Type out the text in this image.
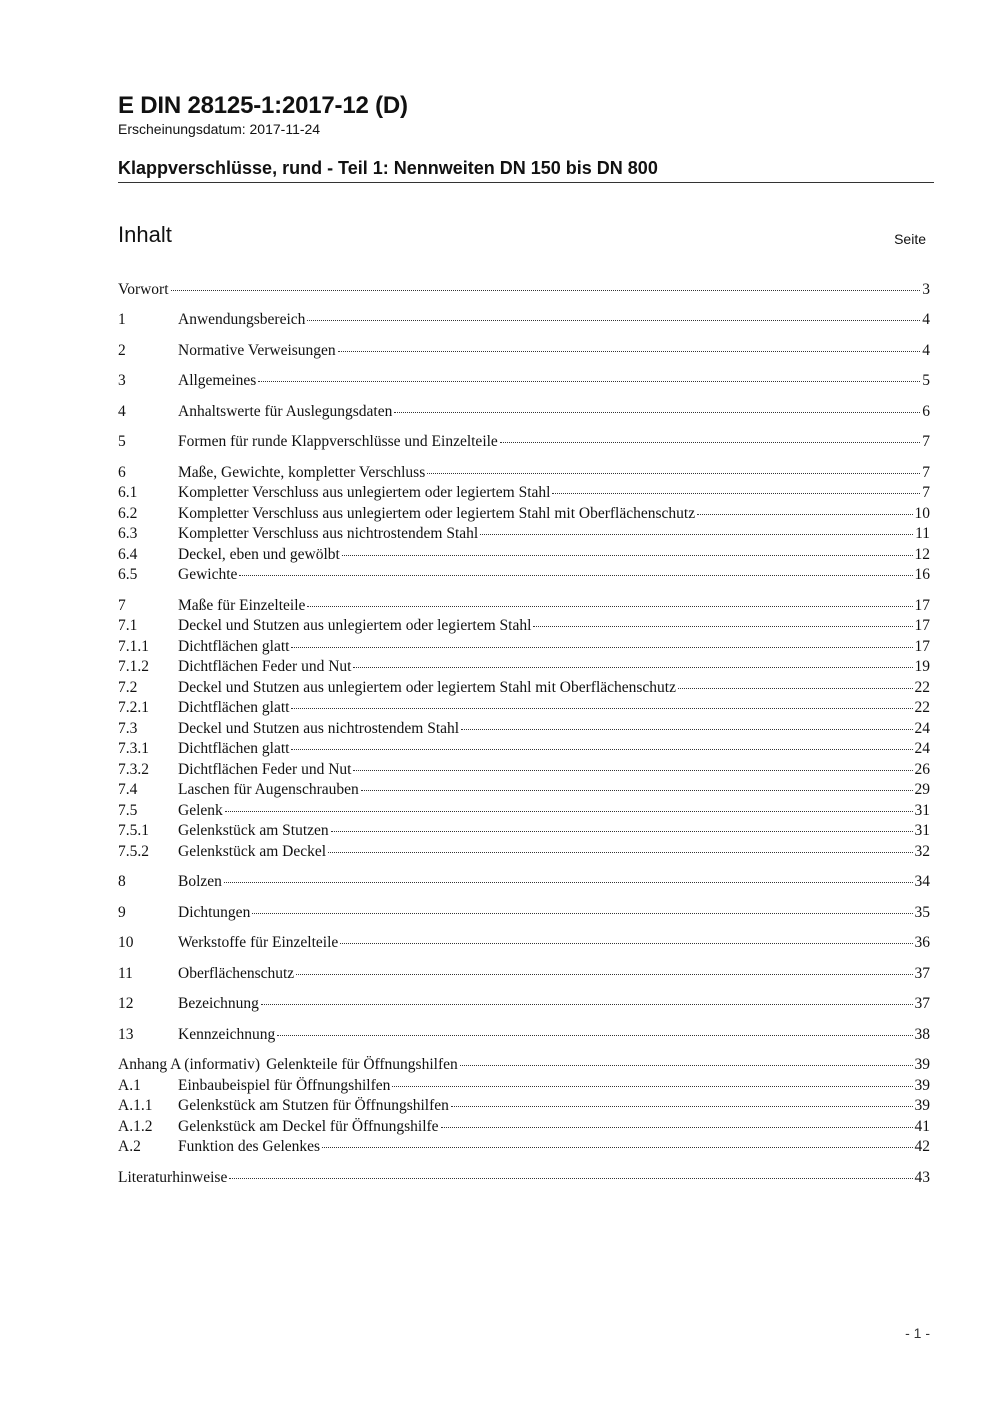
E DIN 28125-1:2017-12 (D)
Erscheinungsdatum: 2017-11-24
Klappverschlüsse, rund - Teil 1: Nennweiten DN 150 bis DN 800
Inhalt	Seite
Vorwort	3
1	Anwendungsbereich	4
2	Normative Verweisungen	4
3	Allgemeines	5
4	Anhaltswerte für Auslegungsdaten	6
5	Formen für runde Klappverschlüsse und Einzelteile	7
6	Maße, Gewichte, kompletter Verschluss	7
6.1	Kompletter Verschluss aus unlegiertem oder legiertem Stahl	7
6.2	Kompletter Verschluss aus unlegiertem oder legiertem Stahl mit Oberflächenschutz	10
6.3	Kompletter Verschluss aus nichtrostendem Stahl	11
6.4	Deckel, eben und gewölbt	12
6.5	Gewichte	16
7	Maße für Einzelteile	17
7.1	Deckel und Stutzen aus unlegiertem oder legiertem Stahl	17
7.1.1	Dichtflächen glatt	17
7.1.2	Dichtflächen Feder und Nut	19
7.2	Deckel und Stutzen aus unlegiertem oder legiertem Stahl mit Oberflächenschutz	22
7.2.1	Dichtflächen glatt	22
7.3	Deckel und Stutzen aus nichtrostendem Stahl	24
7.3.1	Dichtflächen glatt	24
7.3.2	Dichtflächen Feder und Nut	26
7.4	Laschen für Augenschrauben	29
7.5	Gelenk	31
7.5.1	Gelenkstück am Stutzen	31
7.5.2	Gelenkstück am Deckel	32
8	Bolzen	34
9	Dichtungen	35
10	Werkstoffe für Einzelteile	36
11	Oberflächenschutz	37
12	Bezeichnung	37
13	Kennzeichnung	38
Anhang A (informativ) Gelenkteile für Öffnungshilfen	39
A.1	Einbaubeispiel für Öffnungshilfen	39
A.1.1	Gelenkstück am Stutzen für Öffnungshilfen	39
A.1.2	Gelenkstück am Deckel für Öffnungshilfe	41
A.2	Funktion des Gelenkes	42
Literaturhinweise	43
- 1 -
